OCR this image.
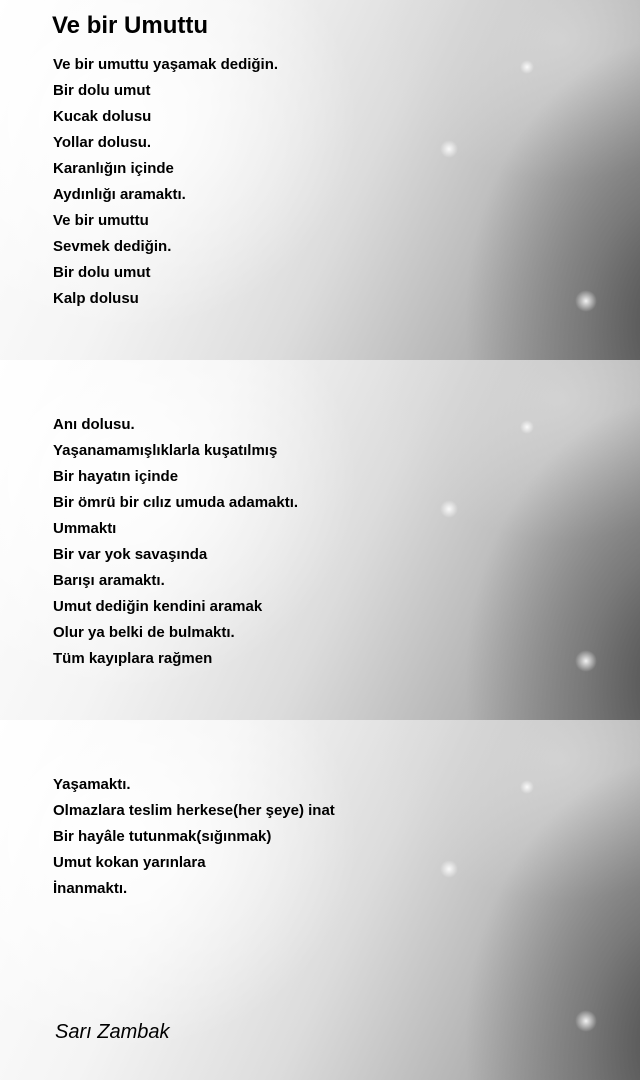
Ve bir Umuttu
Ve bir umuttu yaşamak dediğin.
Bir dolu umut
Kucak dolusu
Yollar dolusu.
Karanlığın içinde
Aydınlığı aramaktı.
Ve bir umuttu
Sevmek dediğin.
Bir dolu umut
Kalp dolusu
Anı dolusu.
Yaşanamamışlıklarla kuşatılmış
Bir hayatın içinde
Bir ömrü bir cılız umuda adamaktı.
Ummaktı
Bir var yok savaşında
Barışı aramaktı.
Umut dediğin kendini aramak
Olur ya belki de bulmaktı.
Tüm kayıplara rağmen
Yaşamaktı.
Olmazlara teslim herkese(her şeye) inat
Bir hayâle tutunmak(sığınmak)
Umut kokan yarınlara
İnanmaktı.

Sarı Zambak
